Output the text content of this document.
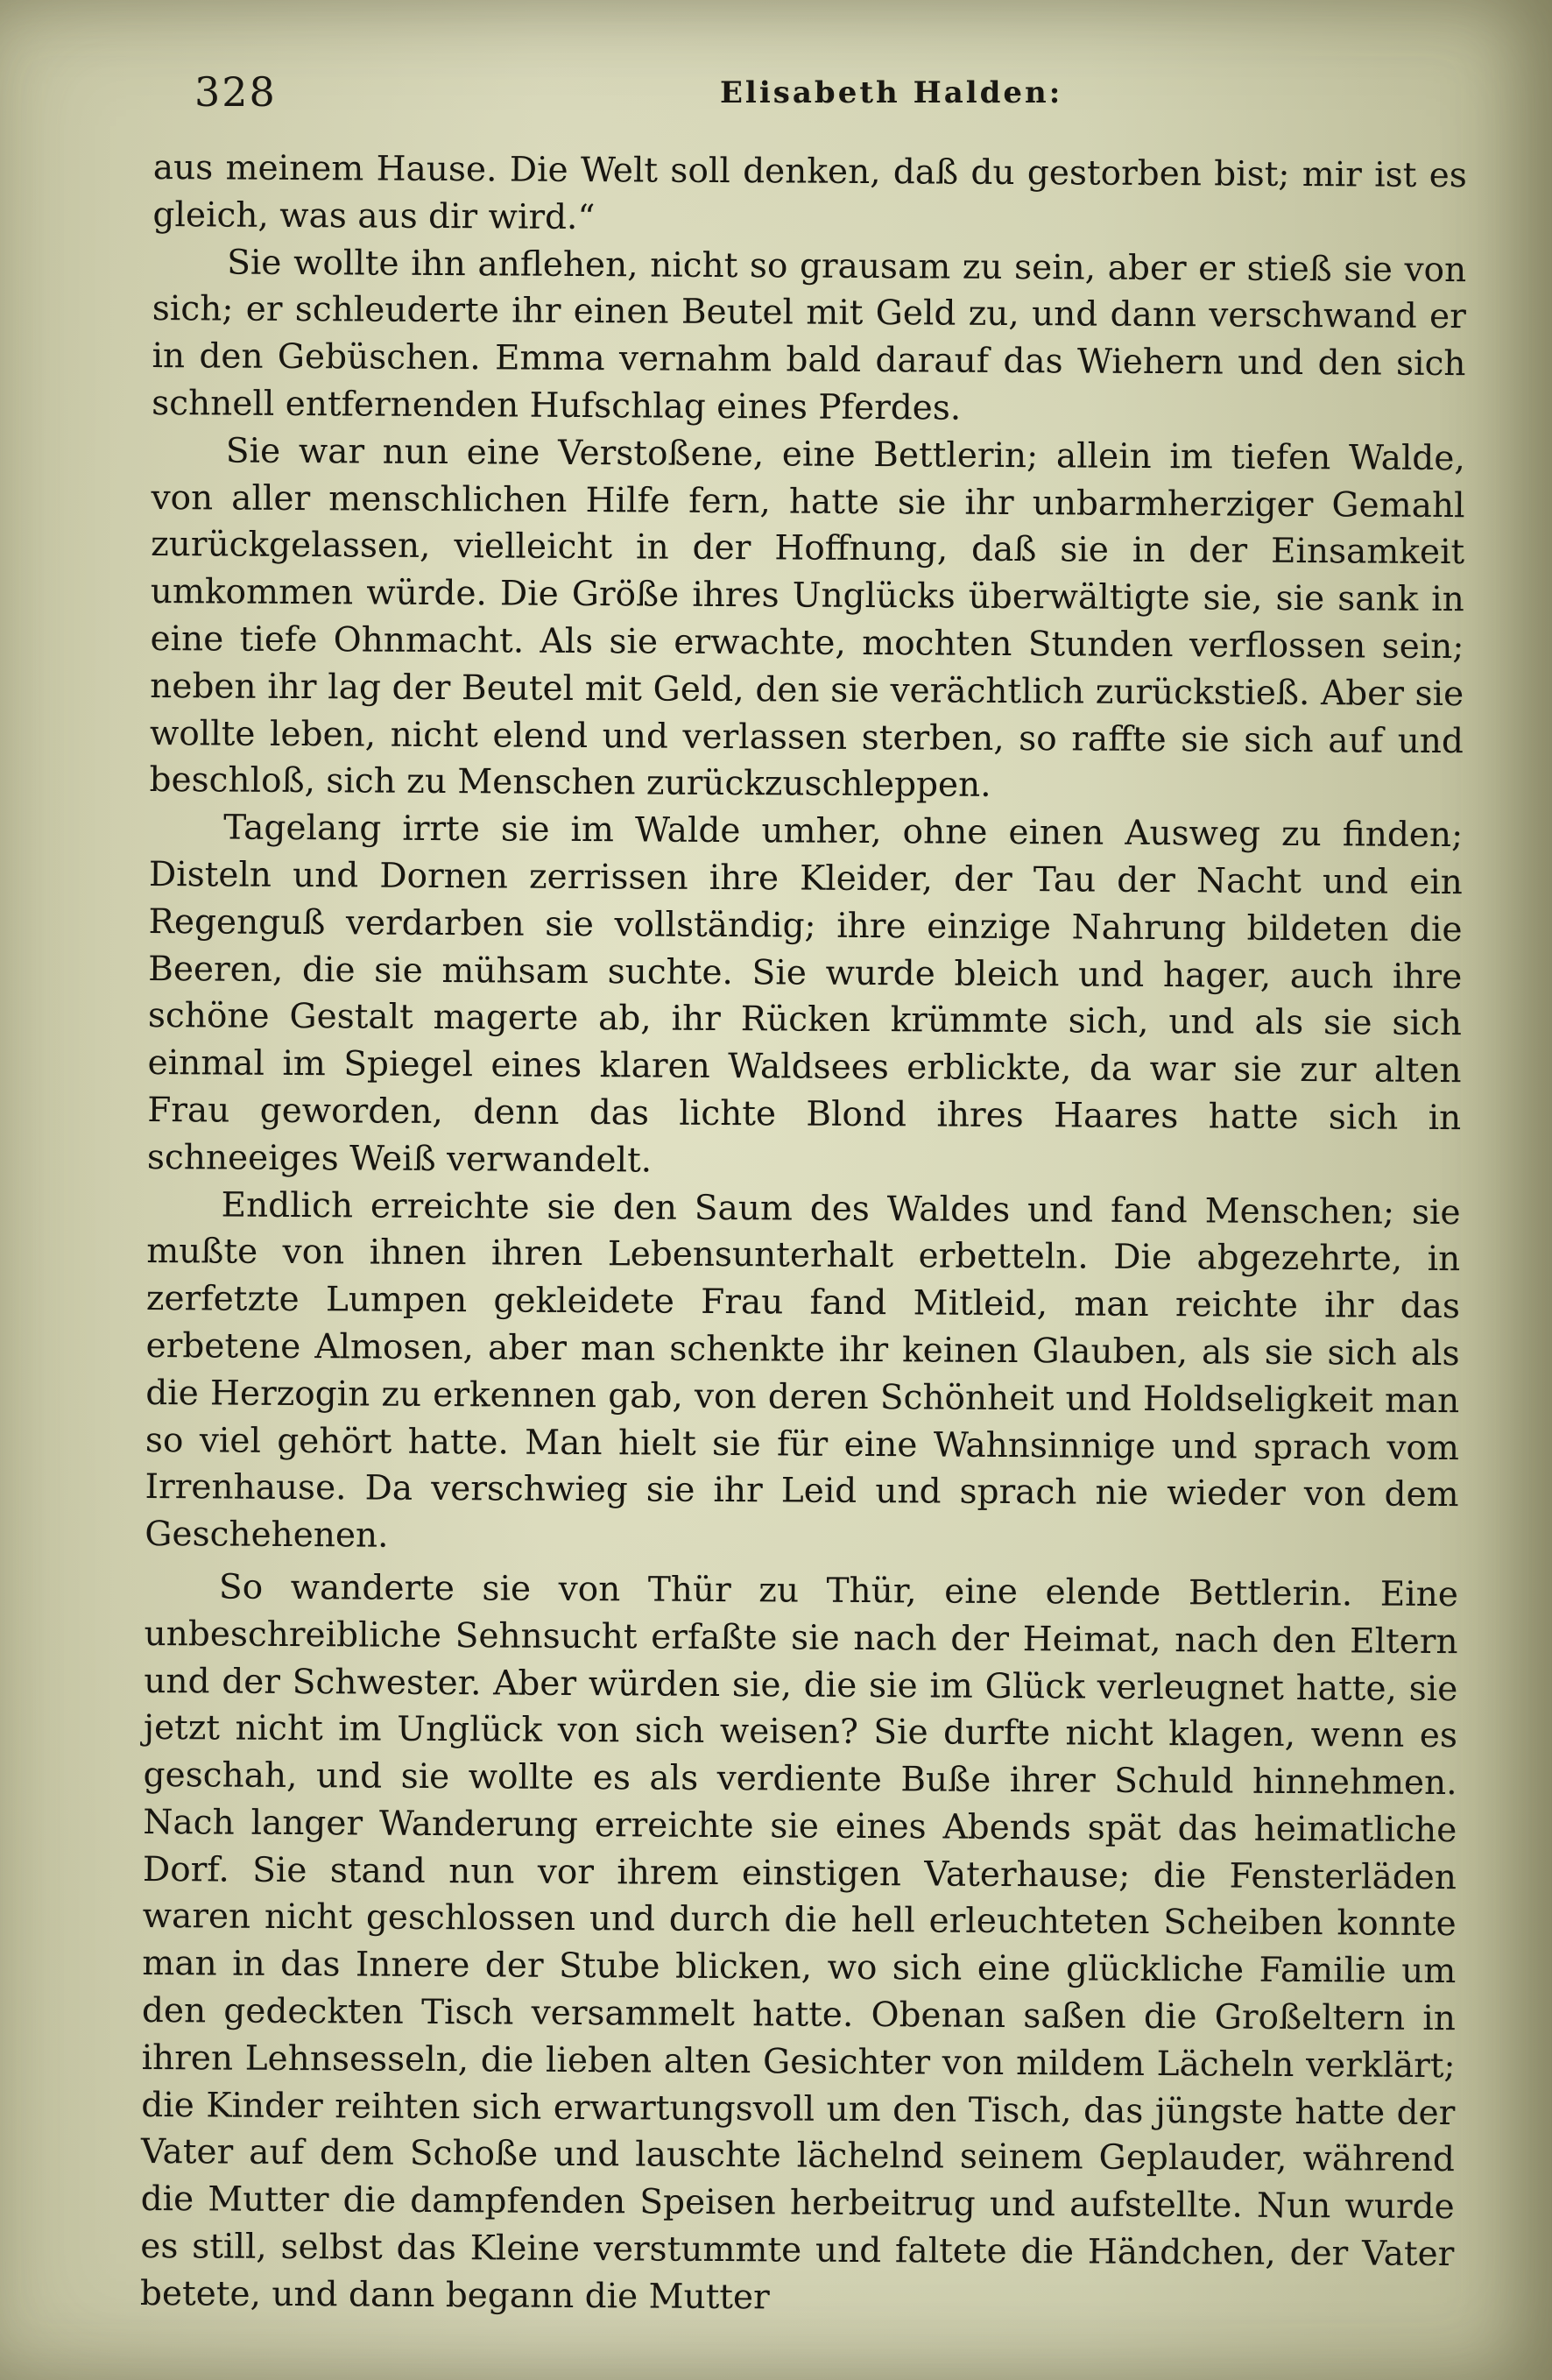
328	Elisabeth Halden:

aus meinem Hause. Die Welt soll denken, daß du gestorben bist; mir ist es gleich, was aus dir wird.“

Sie wollte ihn anflehen, nicht so grausam zu sein, aber er stieß sie von sich; er schleuderte ihr einen Beutel mit Geld zu, und dann verschwand er in den Gebüschen. Emma vernahm bald darauf das Wiehern und den sich schnell entfernenden Hufschlag eines Pferdes.

Sie war nun eine Verstoßene, eine Bettlerin; allein im tiefen Walde, von aller menschlichen Hilfe fern, hatte sie ihr unbarmherziger Gemahl zurückgelassen, vielleicht in der Hoffnung, daß sie in der Einsamkeit umkommen würde. Die Größe ihres Unglücks überwältigte sie, sie sank in eine tiefe Ohnmacht. Als sie erwachte, mochten Stunden verflossen sein; neben ihr lag der Beutel mit Geld, den sie verächtlich zurückstieß. Aber sie wollte leben, nicht elend und verlassen sterben, so raffte sie sich auf und beschloß, sich zu Menschen zurückzuschleppen.

Tagelang irrte sie im Walde umher, ohne einen Ausweg zu finden; Disteln und Dornen zerrissen ihre Kleider, der Tau der Nacht und ein Regenguß verdarben sie vollständig; ihre einzige Nahrung bildeten die Beeren, die sie mühsam suchte. Sie wurde bleich und hager, auch ihre schöne Gestalt magerte ab, ihr Rücken krümmte sich, und als sie sich einmal im Spiegel eines klaren Waldsees erblickte, da war sie zur alten Frau geworden, denn das lichte Blond ihres Haares hatte sich in schneeiges Weiß verwandelt.

Endlich erreichte sie den Saum des Waldes und fand Menschen; sie mußte von ihnen ihren Lebensunterhalt erbetteln. Die abgezehrte, in zerfetzte Lumpen gekleidete Frau fand Mitleid, man reichte ihr das erbetene Almosen, aber man schenkte ihr keinen Glauben, als sie sich als die Herzogin zu erkennen gab, von deren Schönheit und Holdseligkeit man so viel gehört hatte. Man hielt sie für eine Wahnsinnige und sprach vom Irrenhause. Da verschwieg sie ihr Leid und sprach nie wieder von dem Geschehenen.

So wanderte sie von Thür zu Thür, eine elende Bettlerin. Eine unbeschreibliche Sehnsucht erfaßte sie nach der Heimat, nach den Eltern und der Schwester. Aber würden sie, die sie im Glück verleugnet hatte, sie jetzt nicht im Unglück von sich weisen? Sie durfte nicht klagen, wenn es geschah, und sie wollte es als verdiente Buße ihrer Schuld hinnehmen. Nach langer Wanderung erreichte sie eines Abends spät das heimatliche Dorf. Sie stand nun vor ihrem einstigen Vaterhause; die Fensterläden waren nicht geschlossen und durch die hell erleuchteten Scheiben konnte man in das Innere der Stube blicken, wo sich eine glückliche Familie um den gedeckten Tisch versammelt hatte. Obenan saßen die Großeltern in ihren Lehnsesseln, die lieben alten Gesichter von mildem Lächeln verklärt; die Kinder reihten sich erwartungsvoll um den Tisch, das jüngste hatte der Vater auf dem Schoße und lauschte lächelnd seinem Geplauder, während die Mutter die dampfenden Speisen herbeitrug und aufstellte. Nun wurde es still, selbst das Kleine verstummte und faltete die Händchen, der Vater betete, und dann begann die Mutter
